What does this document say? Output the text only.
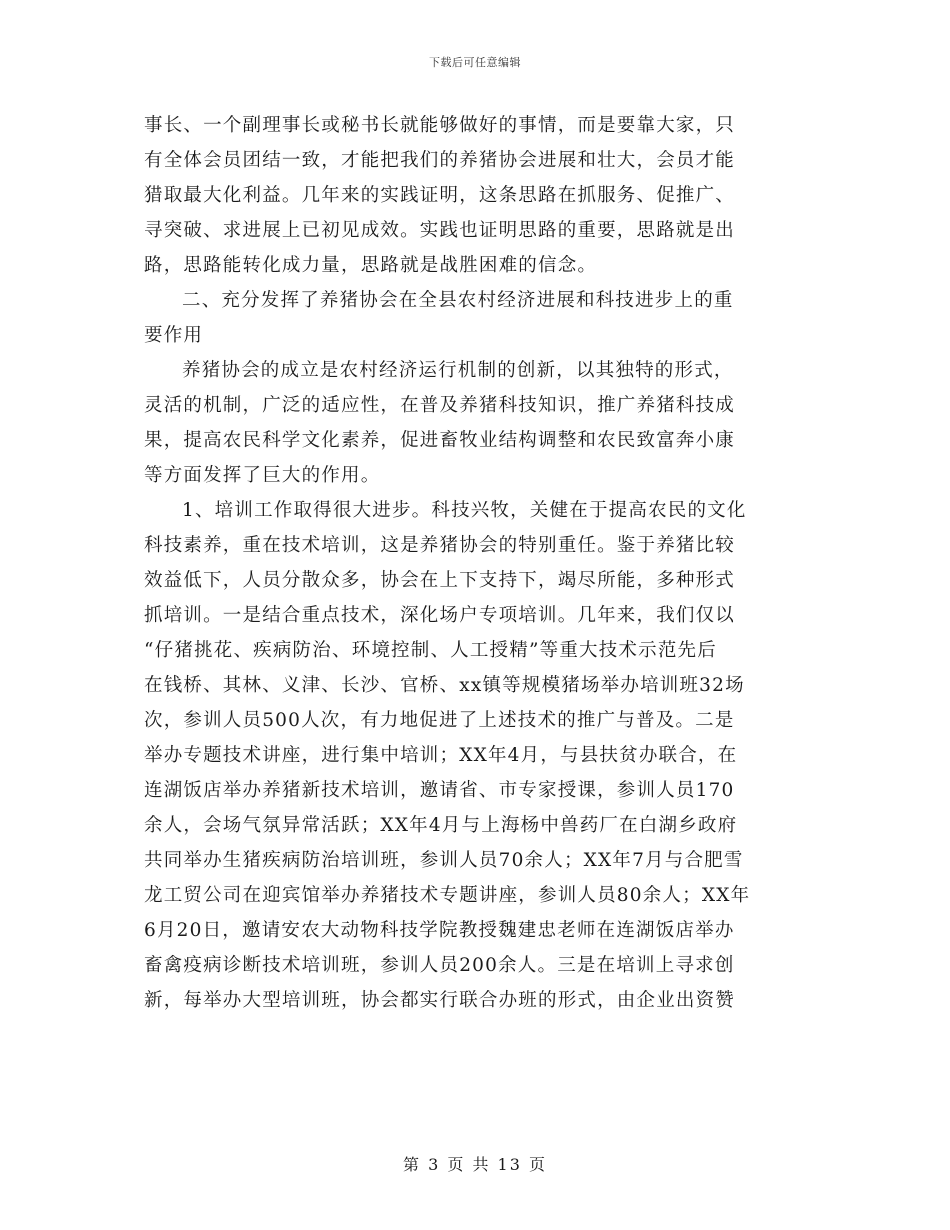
下载后可任意编辑
事长、一个副理事长或秘书长就能够做好的事情，而是要靠大家，只
有全体会员团结一致，才能把我们的养猪协会进展和壮大，会员才能
猎取最大化利益。几年来的实践证明，这条思路在抓服务、促推广、
寻突破、求进展上已初见成效。实践也证明思路的重要，思路就是出
路，思路能转化成力量，思路就是战胜困难的信念。
二、充分发挥了养猪协会在全县农村经济进展和科技进步上的重
要作用
养猪协会的成立是农村经济运行机制的创新，以其独特的形式，
灵活的机制，广泛的适应性，在普及养猪科技知识，推广养猪科技成
果，提高农民科学文化素养，促进畜牧业结构调整和农民致富奔小康
等方面发挥了巨大的作用。
1、培训工作取得很大进步。科技兴牧，关健在于提高农民的文化
科技素养，重在技术培训，这是养猪协会的特别重任。鉴于养猪比较
效益低下，人员分散众多，协会在上下支持下，竭尽所能，多种形式
抓培训。一是结合重点技术，深化场户专项培训。几年来，我们仅以
“仔猪挑花、疾病防治、环境控制、人工授精”等重大技术示范先后
在钱桥、其林、义津、长沙、官桥、xx镇等规模猪场举办培训班32场
次，参训人员500人次，有力地促进了上述技术的推广与普及。二是
举办专题技术讲座，进行集中培训；XX年4月，与县扶贫办联合，在
连湖饭店举办养猪新技术培训，邀请省、市专家授课，参训人员170
余人，会场气氛异常活跃；XX年4月与上海杨中兽药厂在白湖乡政府
共同举办生猪疾病防治培训班，参训人员70余人；XX年7月与合肥雪
龙工贸公司在迎宾馆举办养猪技术专题讲座，参训人员80余人；XX年
6月20日，邀请安农大动物科技学院教授魏建忠老师在连湖饭店举办
畜禽疫病诊断技术培训班，参训人员200余人。三是在培训上寻求创
新，每举办大型培训班，协会都实行联合办班的形式，由企业出资赞
第 3 页 共 13 页
